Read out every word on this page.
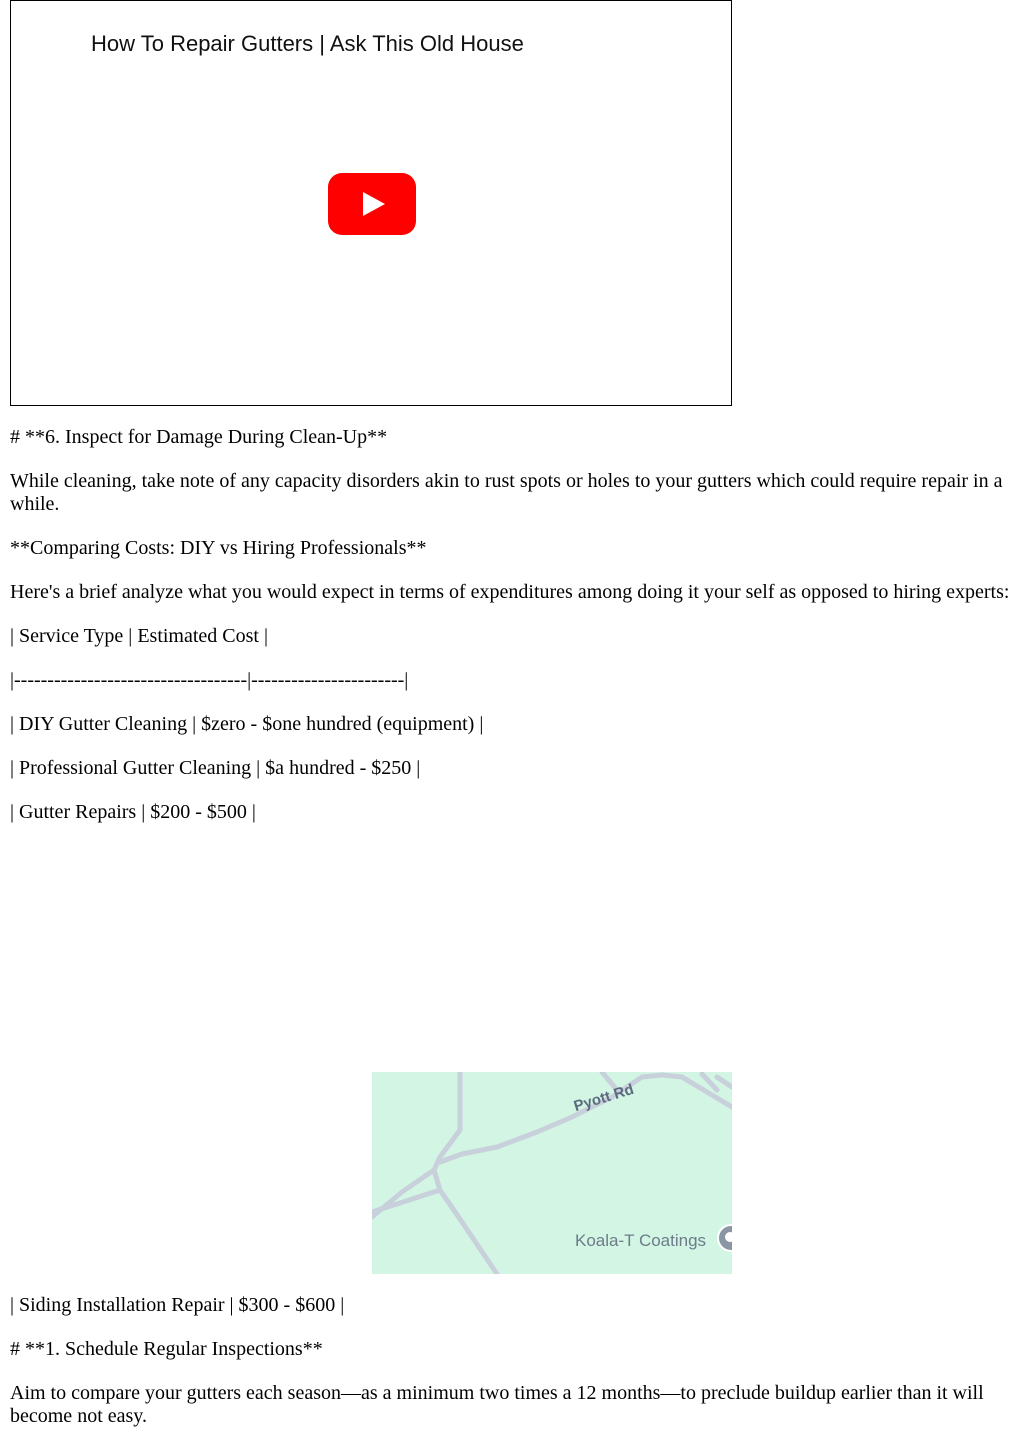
How To Repair Gutters | Ask This Old House

# **6. Inspect for Damage During Clean-Up**

While cleaning, take note of any capacity disorders akin to rust spots or holes to your gutters which could require repair in a while.

**Comparing Costs: DIY vs Hiring Professionals**

Here's a brief analyze what you would expect in terms of expenditures among doing it your self as opposed to hiring experts:

| Service Type | Estimated Cost |

|-----------------------------------|-----------------------|

| DIY Gutter Cleaning | $zero - $one hundred (equipment) |

| Professional Gutter Cleaning | $a hundred - $250 |

| Gutter Repairs | $200 - $500 |

Pyott Rd
Koala-T Coatings

| Siding Installation Repair | $300 - $600 |

# **1. Schedule Regular Inspections**

Aim to compare your gutters each season—as a minimum two times a 12 months—to preclude buildup earlier than it will become not easy.
